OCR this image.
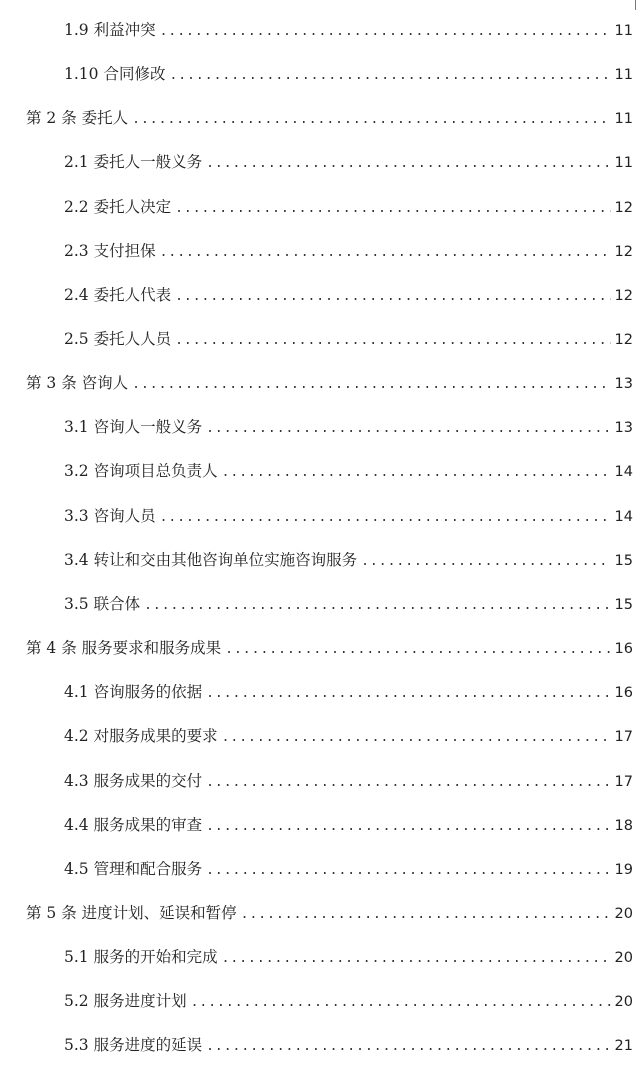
1.9 利益冲突 .....	11
1.10 合同修改 .....	11
第 2 条 委托人 .....	11
2.1 委托人一般义务 .....	11
2.2 委托人决定 .....	12
2.3 支付担保 .....	12
2.4 委托人代表 .....	12
2.5 委托人人员 .....	12
第 3 条 咨询人 .....	13
3.1 咨询人一般义务 .....	13
3.2 咨询项目总负责人 .....	14
3.3 咨询人员 .....	14
3.4 转让和交由其他咨询单位实施咨询服务 .....	15
3.5 联合体 .....	15
第 4 条 服务要求和服务成果 .....	16
4.1 咨询服务的依据 .....	16
4.2 对服务成果的要求 .....	17
4.3 服务成果的交付 .....	17
4.4 服务成果的审查 .....	18
4.5 管理和配合服务 .....	19
第 5 条 进度计划、延误和暂停 .....	20
5.1 服务的开始和完成 .....	20
5.2 服务进度计划 .....	20
5.3 服务进度的延误 .....	21
